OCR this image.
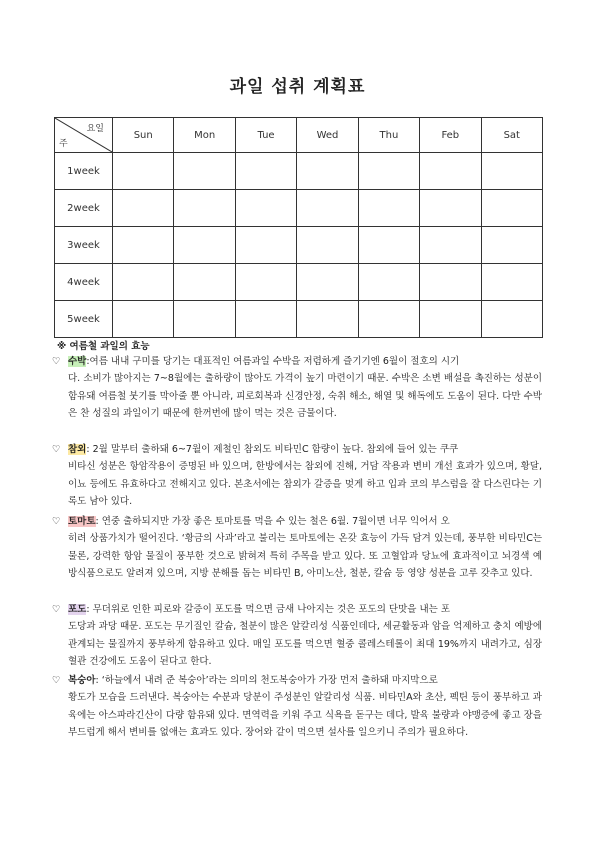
과일 섭취 계획표
요일
주	Sun	Mon	Tue	Wed	Thu	Feb	Sat
1week							
2week							
3week							
4week							
5week							
※ 여름철 과일의 효능
♡ 수박:여름 내내 구미를 당기는 대표적인 여름과일 수박을 저렴하게 즐기기엔 6월이 절호의 시기
다. 소비가 많아지는 7~8월에는 출하량이 많아도 가격이 높기 마련이기 때문. 수박은 소변 배설을 촉진하는 성분이 함유돼 여름철 붓기를 막아줄 뿐 아니라, 피로회복과 신경안정, 숙취 해소, 해열 및 해독에도 도움이 된다. 다만 수박은 찬 성질의 과일이기 때문에 한꺼번에 많이 먹는 것은 금물이다.
♡ 참외: 2월 말부터 출하돼 6~7월이 제철인 참외도 비타민C 함량이 높다. 참외에 들어 있는 쿠쿠
비타신 성분은 항암작용이 증명된 바 있으며, 한방에서는 참외에 진해, 거담 작용과 변비 개선 효과가 있으며, 황달, 이뇨 등에도 유효하다고 전해지고 있다. 본초서에는 참외가 갈증을 멎게 하고 입과 코의 부스럼을 잘 다스린다는 기록도 남아 있다.
♡ 토마토: 연중 출하되지만 가장 좋은 토마토를 먹을 수 있는 철은 6월. 7월이면 너무 익어서 오
히려 상품가치가 떨어진다. ‘황금의 사과’라고 불리는 토마토에는 온갖 효능이 가득 담겨 있는데, 풍부한 비타민C는 물론, 강력한 항암 물질이 풍부한 것으로 밝혀져 특히 주목을 받고 있다. 또 고혈압과 당뇨에 효과적이고 뇌경색 예방식품으로도 알려져 있으며, 지방 분해를 돕는 비타민 B, 아미노산, 철분, 칼슘 등 영양 성분을 고루 갖추고 있다.
♡ 포도: 무더위로 인한 피로와 갈증이 포도를 먹으면 금새 나아지는 것은 포도의 단맛을 내는 포
도당과 과당 때문. 포도는 무기질인 칼슘, 철분이 많은 알칼리성 식품인데다, 세균활동과 암을 억제하고 충치 예방에 관계되는 물질까지 풍부하게 함유하고 있다. 매일 포도를 먹으면 혈중 콜레스테롤이 최대 19%까지 내려가고, 심장혈관 건강에도 도움이 된다고 한다.
♡ 복숭아: ‘하늘에서 내려 준 복숭아’라는 의미의 천도복숭아가 가장 먼저 출하돼 마지막으로
황도가 모습을 드러낸다. 복숭아는 수분과 당분이 주성분인 알칼리성 식품. 비타민A와 초산, 펙틴 등이 풍부하고 과육에는 아스파라긴산이 다량 함유돼 있다. 면역력을 키워 주고 식욕을 돋구는 데다, 발육 불량과 야맹증에 좋고 장을 부드럽게 해서 변비를 없애는 효과도 있다. 장어와 같이 먹으면 설사를 일으키니 주의가 필요하다.
